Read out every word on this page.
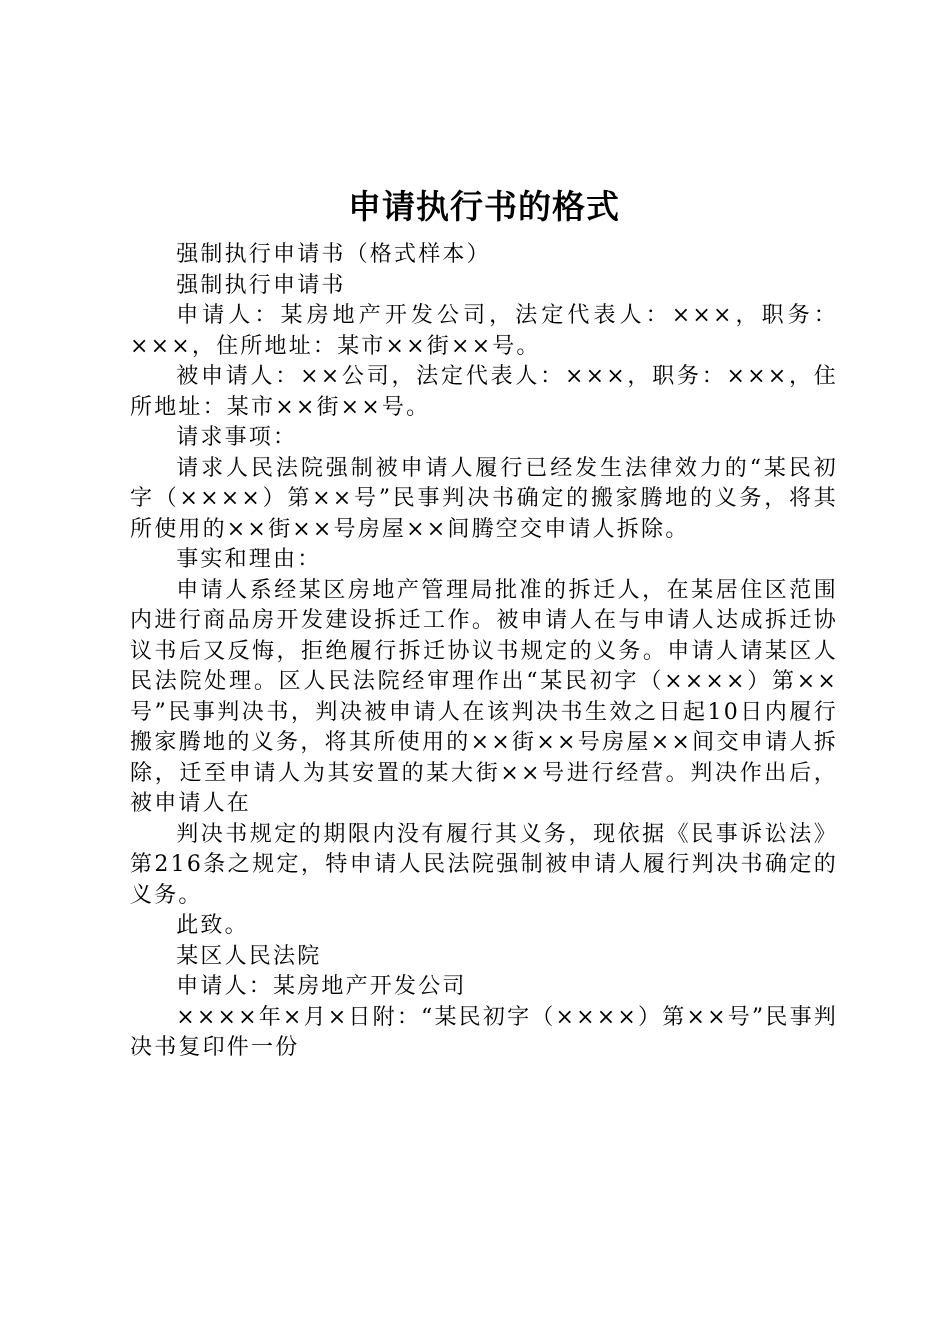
申请执行书的格式

强制执行申请书（格式样本）

强制执行申请书

申请人：某房地产开发公司，法定代表人：×××，职务：×××，住所地址：某市××街××号。

被申请人：××公司，法定代表人：×××，职务：×××，住所地址：某市××街××号。

请求事项：

请求人民法院强制被申请人履行已经发生法律效力的“某民初字（××××）第××号”民事判决书确定的搬家腾地的义务，将其所使用的××街××号房屋××间腾空交申请人拆除。

事实和理由：

申请人系经某区房地产管理局批准的拆迁人，在某居住区范围内进行商品房开发建设拆迁工作。被申请人在与申请人达成拆迁协议书后又反悔，拒绝履行拆迁协议书规定的义务。申请人请某区人民法院处理。区人民法院经审理作出“某民初字（××××）第××号”民事判决书，判决被申请人在该判决书生效之日起10日内履行搬家腾地的义务，将其所使用的××街××号房屋××间交申请人拆除，迁至申请人为其安置的某大街××号进行经营。判决作出后，被申请人在

判决书规定的期限内没有履行其义务，现依据《民事诉讼法》第216条之规定，特申请人民法院强制被申请人履行判决书确定的义务。

此致。

某区人民法院

申请人：某房地产开发公司

××××年×月×日附：“某民初字（××××）第××号”民事判决书复印件一份
